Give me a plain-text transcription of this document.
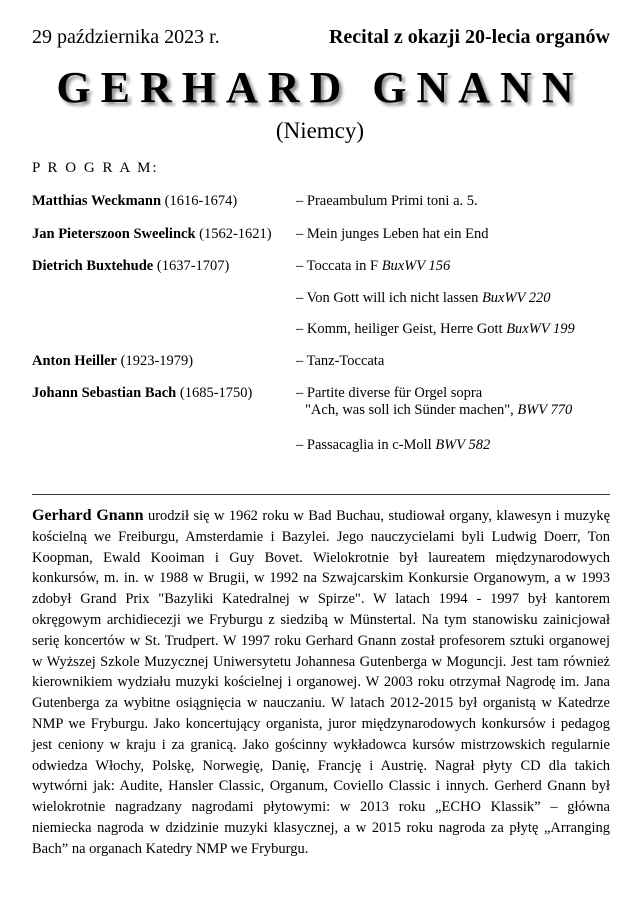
29 października 2023 r.	Recital z okazji 20-lecia organów
GERHARD GNANN
(Niemcy)
P R O G R A M:
Matthias Weckmann (1616-1674)	– Praeambulum Primi toni a. 5.
Jan Pieterszoon Sweelinck (1562-1621) – Mein junges Leben hat ein End
Dietrich Buxtehude (1637-1707)	– Toccata in F BuxWV 156
– Von Gott will ich nicht lassen BuxWV 220
– Komm, heiliger Geist, Herre Gott BuxWV 199
Anton Heiller (1923-1979)	– Tanz-Toccata
Johann Sebastian Bach (1685-1750)	– Partite diverse für Orgel sopra
"Ach, was soll ich Sünder machen", BWV 770
– Passacaglia in c-Moll BWV 582
Gerhard Gnann urodził się w 1962 roku w Bad Buchau, studiował organy, klawesyn i muzykę kościelną we Freiburgu, Amsterdamie i Bazylei. Jego nauczycielami byli Ludwig Doerr, Ton Koopman, Ewald Kooiman i Guy Bovet. Wielokrotnie był laureatem międzynarodowych konkursów, m. in. w 1988 w Brugii, w 1992 na Szwajcarskim Konkursie Organowym, a w 1993 zdobył Grand Prix "Bazyliki Katedralnej w Spirze". W latach 1994 - 1997 był kantorem okręgowym archidiecezji we Fryburgu z siedzibą w Münstertal. Na tym stanowisku zainicjował serię koncertów w St. Trudpert. W 1997 roku Gerhard Gnann został profesorem sztuki organowej w Wyższej Szkole Muzycznej Uniwersytetu Johannesa Gutenberga w Moguncji. Jest tam również kierownikiem wydziału muzyki kościelnej i organowej. W 2003 roku otrzymał Nagrodę im. Jana Gutenberga za wybitne osiągnięcia w nauczaniu. W latach 2012-2015 był organistą w Katedrze NMP we Fryburgu. Jako koncertujący organista, juror międzynarodowych konkursów i pedagog jest ceniony w kraju i za granicą. Jako gościnny wykładowca kursów mistrzowskich regularnie odwiedza Włochy, Polskę, Norwegię, Danię, Francję i Austrię. Nagrał płyty CD dla takich wytwórni jak: Audite, Hansler Classic, Organum, Coviello Classic i innych. Gerherd Gnann był wielokrotnie nagradzany nagrodami płytowymi: w 2013 roku „ECHO Klassik” – główna niemiecka nagroda w dzidzinie muzyki klasycznej, a w 2015 roku nagroda za płytę „Arranging Bach” na organach Katedry NMP we Fryburgu.
